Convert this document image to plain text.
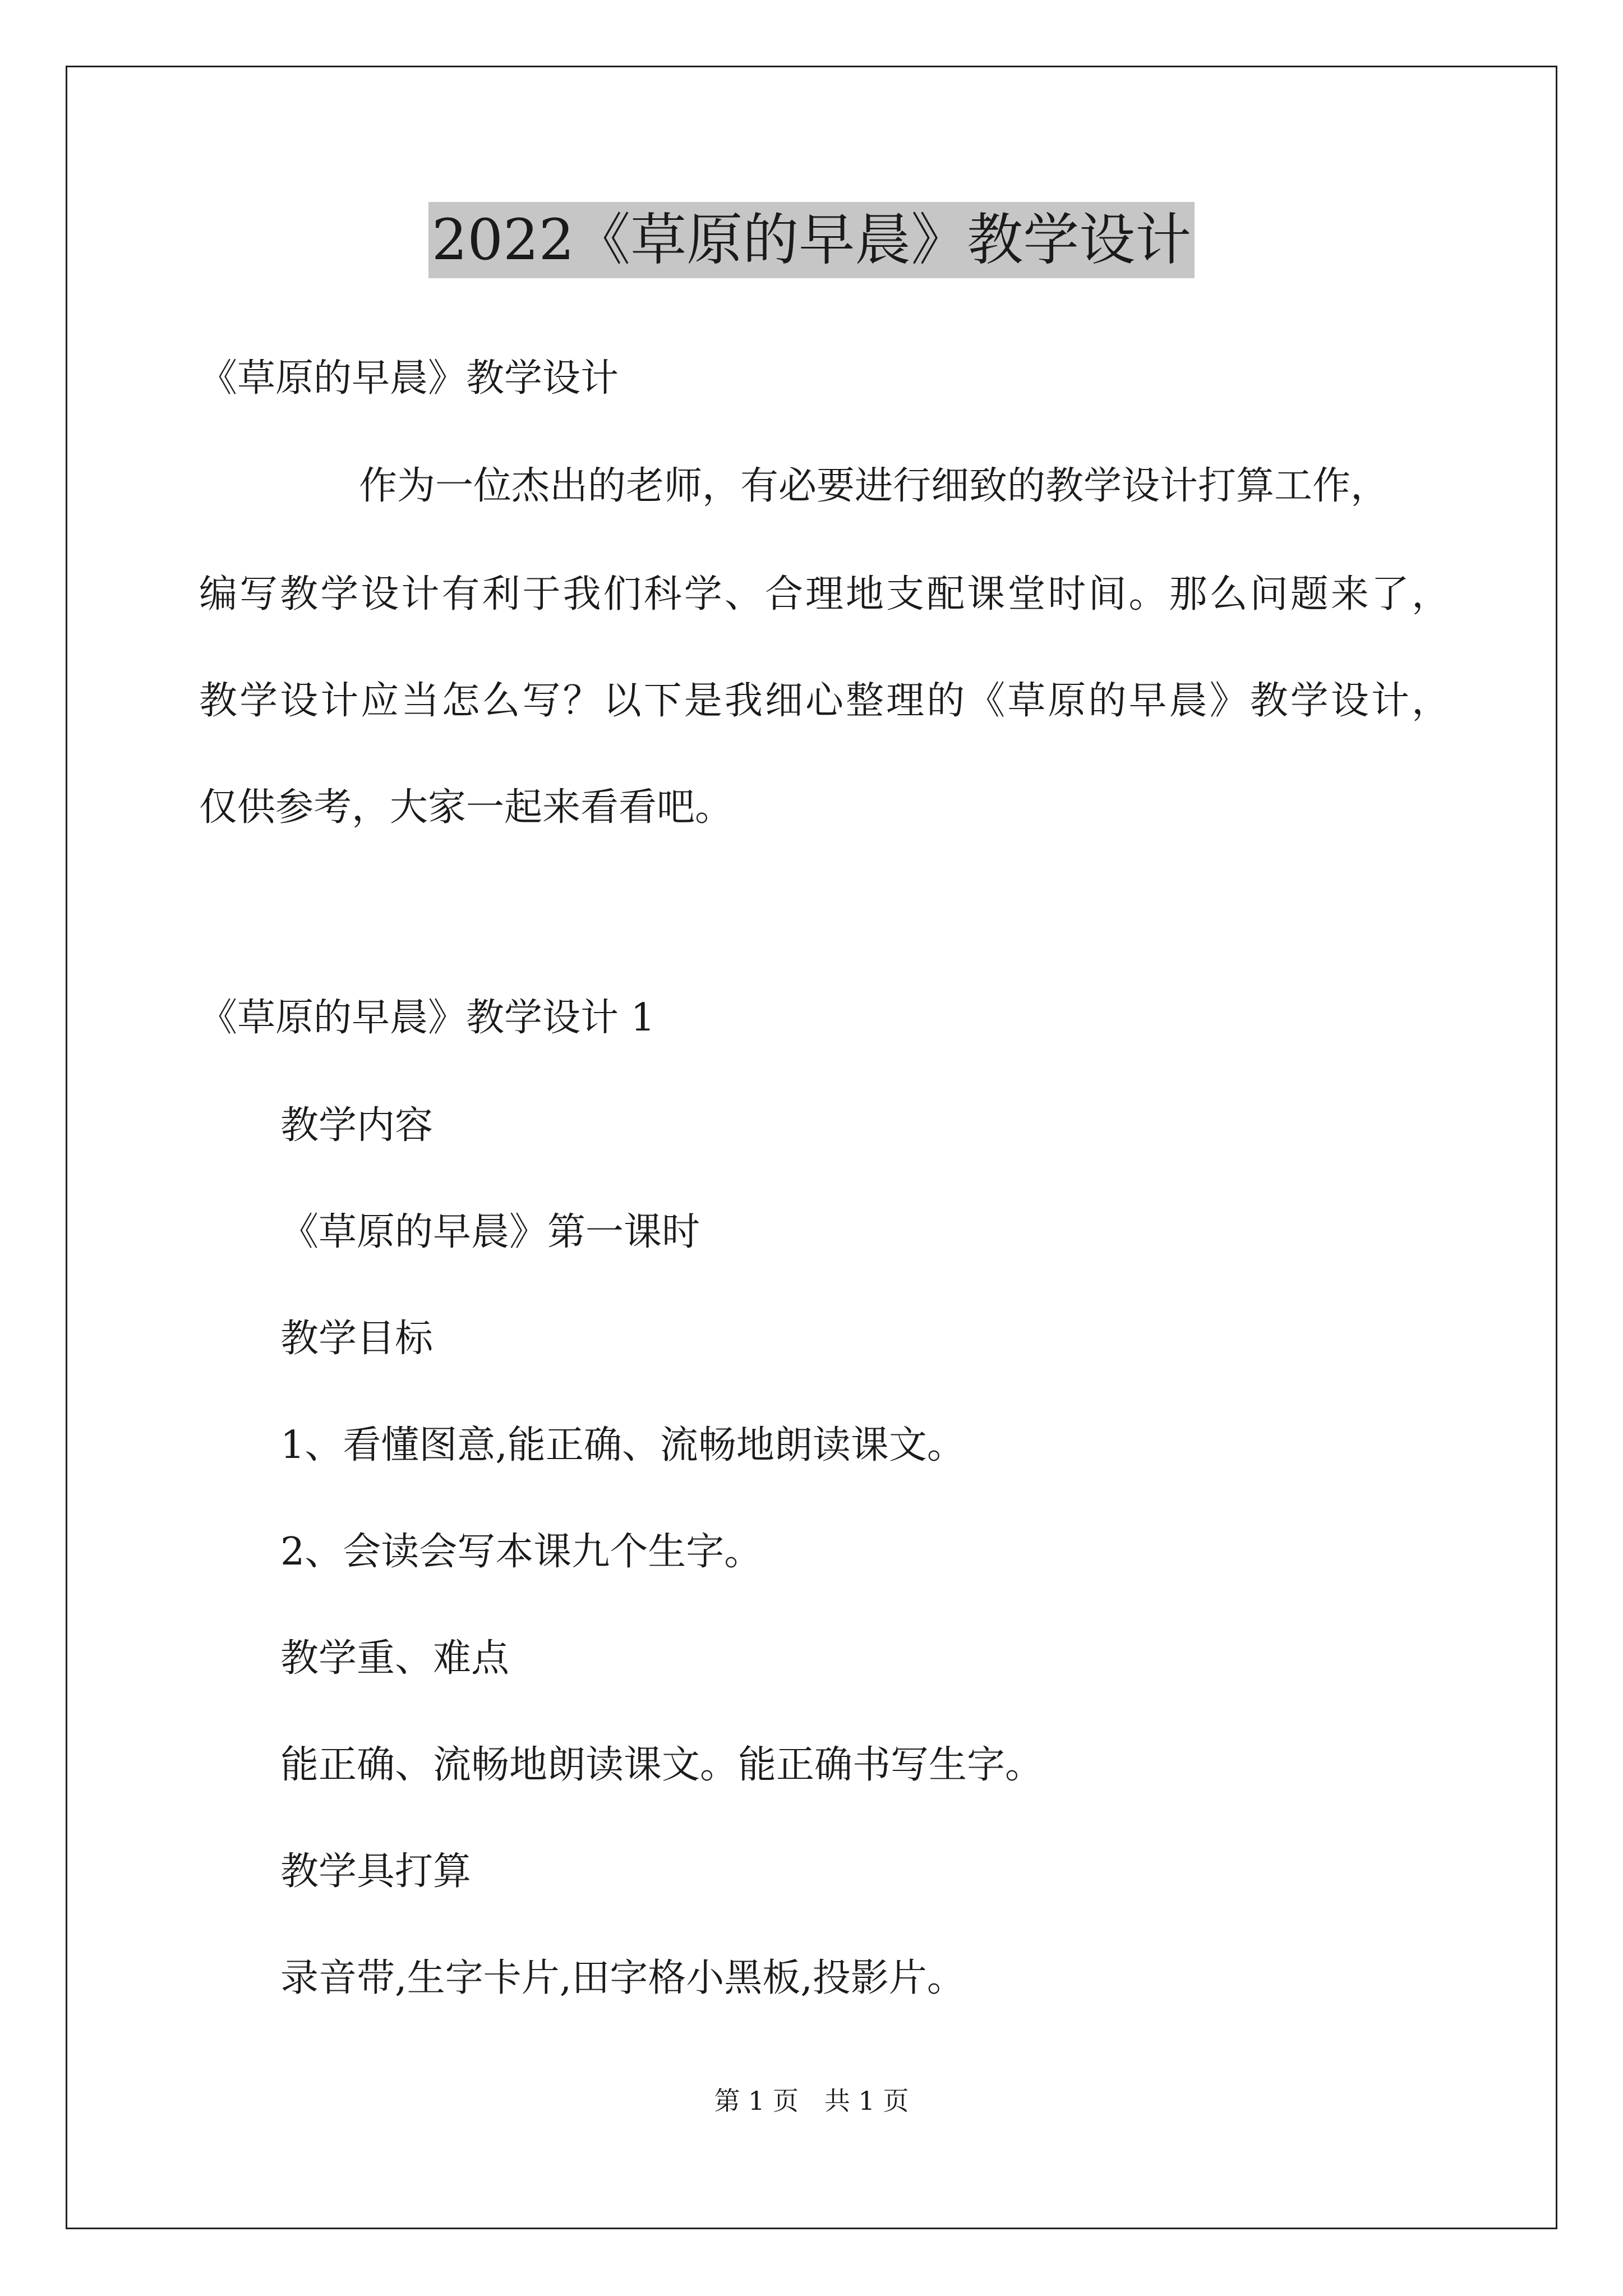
2022《草原的早晨》教学设计
《草原的早晨》教学设计
作为一位杰出的老师，有必要进行细致的教学设计打算工作，
编写教学设计有利于我们科学、合理地支配课堂时间。那么问题来了，
教学设计应当怎么写？以下是我细心整理的《草原的早晨》教学设计，
仅供参考，大家一起来看看吧。
《草原的早晨》教学设计 1
教学内容
《草原的早晨》第一课时
教学目标
1、看懂图意,能正确、流畅地朗读课文。
2、会读会写本课九个生字。
教学重、难点
能正确、流畅地朗读课文。能正确书写生字。
教学具打算
录音带,生字卡片,田字格小黑板,投影片。
第 1 页　共 1 页
